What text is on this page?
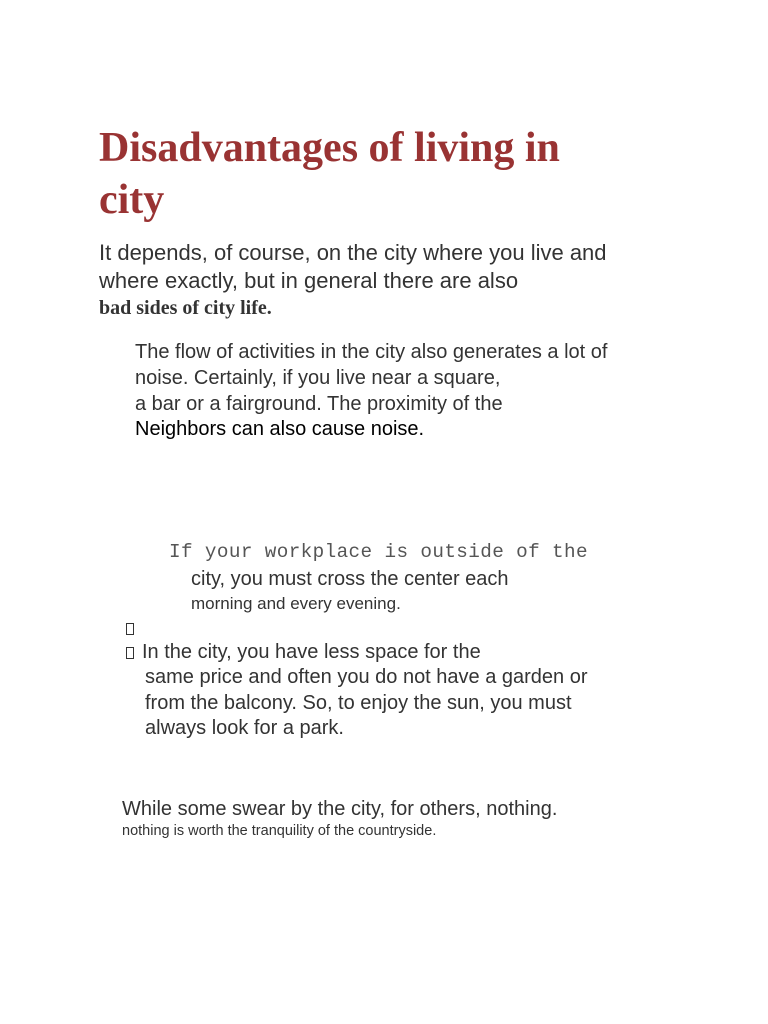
Disadvantages of living in
city

It depends, of course, on the city where you live and

where exactly, but in general there are also

bad sides of city life.

The flow of activities in the city also generates a lot of

noise. Certainly, if you live near a square,

a bar or a fairground. The proximity of the

Neighbors can also cause noise.

If your workplace is outside of the

city, you must cross the center each

morning and every evening.

In the city, you have less space for the

same price and often you do not have a garden or

from the balcony. So, to enjoy the sun, you must

always look for a park.

While some swear by the city, for others, nothing.

nothing is worth the tranquility of the countryside.
